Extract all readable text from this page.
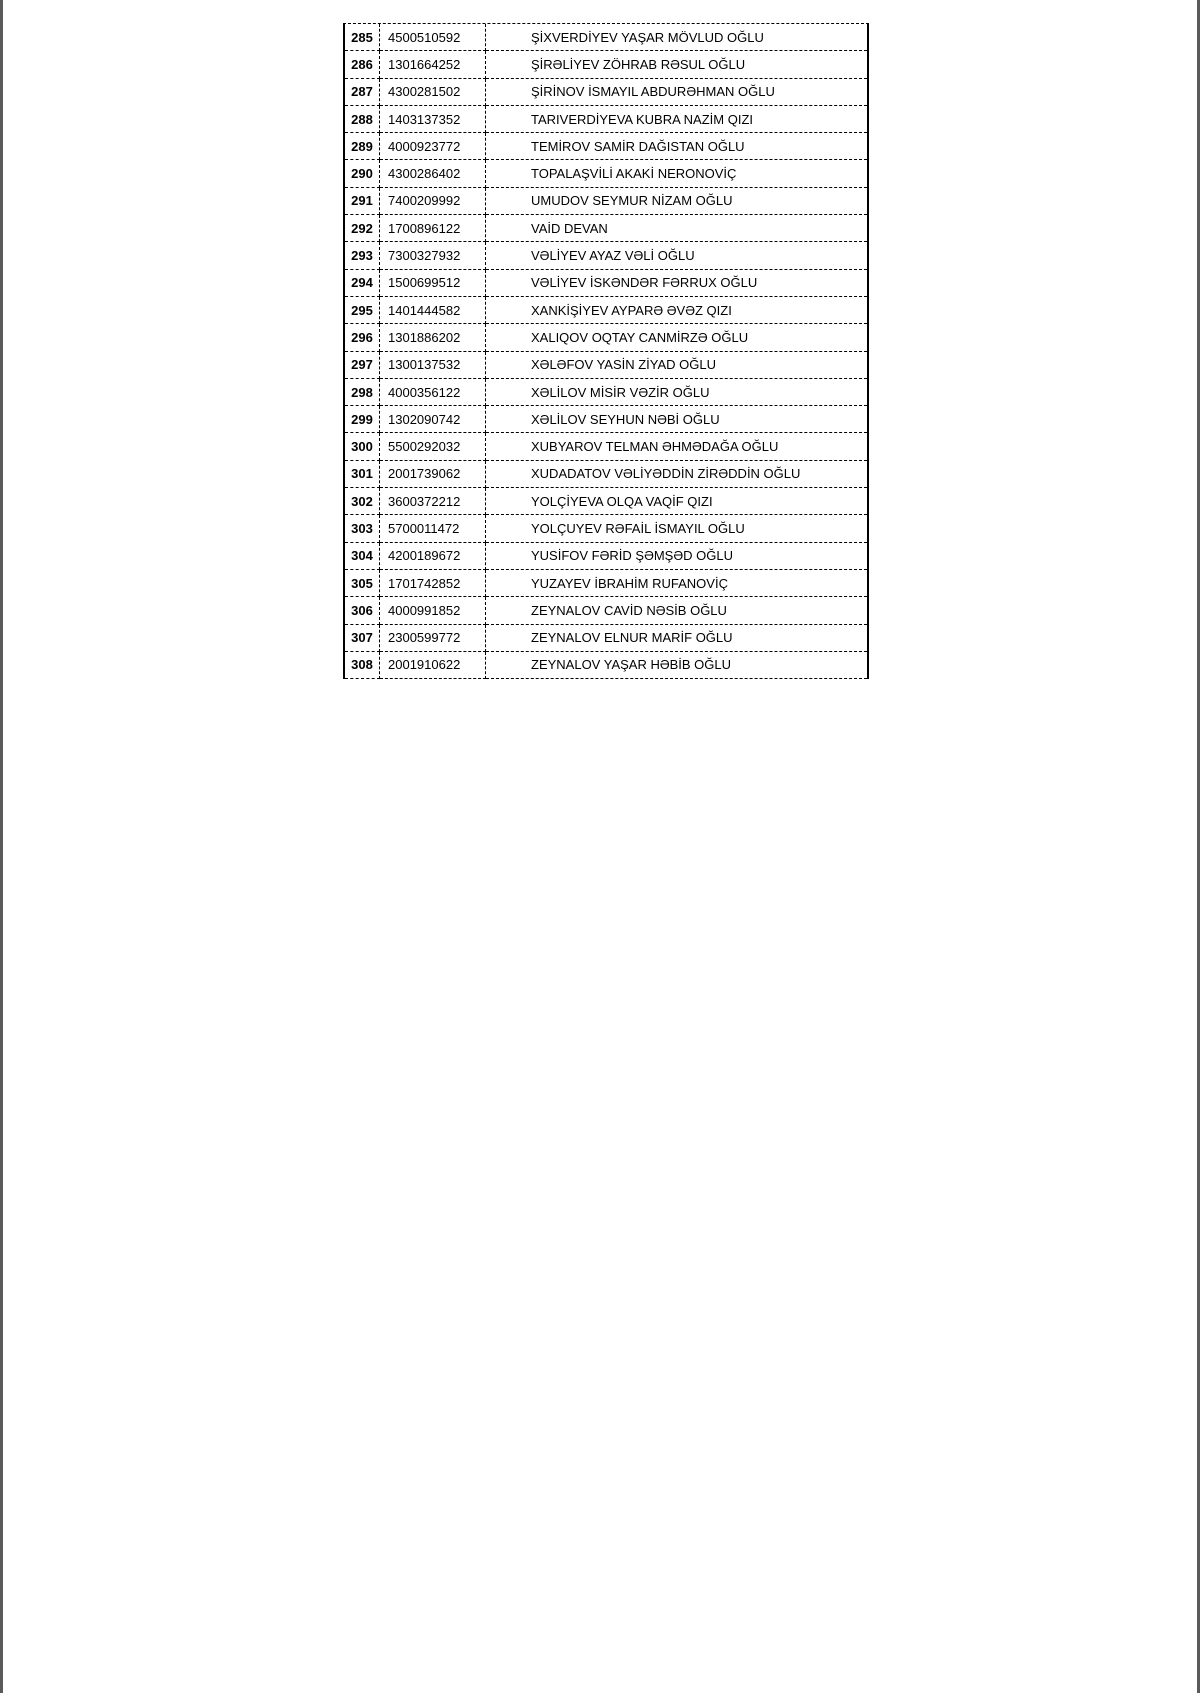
285	4500510592	ŞİXVERDİYEV YAŞAR MÖVLUD OĞLU
286	1301664252	ŞİRƏLİYEV ZÖHRAB RƏSUL OĞLU
287	4300281502	ŞİRİNOV İSMAYIL ABDURƏHMAN OĞLU
288	1403137352	TARIVERDİYEVA KUBRA NAZİM QIZI
289	4000923772	TEMİROV SAMİR DAĞISTAN OĞLU
290	4300286402	TOPALAŞVİLİ AKAKİ NERONOVİÇ
291	7400209992	UMUDOV SEYMUR NİZAM OĞLU
292	1700896122	VAİD DEVAN
293	7300327932	VƏLİYEV AYAZ VƏLİ OĞLU
294	1500699512	VƏLİYEV İSKƏNDƏR FƏRRUX OĞLU
295	1401444582	XANKİŞİYEV AYPARƏ ƏVƏZ QIZI
296	1301886202	XALIQOV OQTAY CANMİRZƏ OĞLU
297	1300137532	XƏLƏFOV YASİN ZİYAD OĞLU
298	4000356122	XƏLİLOV MİSİR VƏZİR OĞLU
299	1302090742	XƏLİLOV SEYHUN NƏBİ OĞLU
300	5500292032	XUBYAROV TELMAN ƏHMƏDAĞA OĞLU
301	2001739062	XUDADATOV VƏLİYƏDDİN ZİRƏDDİN OĞLU
302	3600372212	YOLÇİYEVA OLQA VAQİF QIZI
303	5700011472	YOLÇUYEV RƏFAİL İSMAYIL OĞLU
304	4200189672	YUSİFOV FƏRİD ŞƏMŞƏD OĞLU
305	1701742852	YUZAYEV İBRAHİM RUFANOVİÇ
306	4000991852	ZEYNALOV CAVİD NƏSİB OĞLU
307	2300599772	ZEYNALOV ELNUR MARİF OĞLU
308	2001910622	ZEYNALOV YAŞAR HƏBİB OĞLU
